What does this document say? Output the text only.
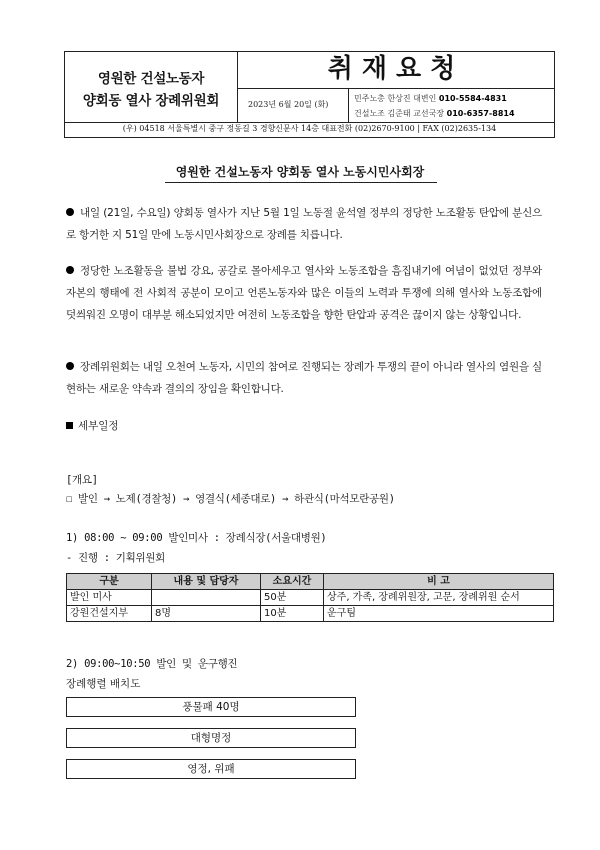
영원한 건설노동자
양회동 열사 장례위원회
취재요청
2023년 6월 20일 (화)
민주노총 한상진 대변인 010-5584-4831
건설노조 김준태 교선국장 010-6357-8814
(우) 04518 서울특별시 중구 정동길 3 경향신문사 14층 대표전화 (02)2670-9100 | FAX (02)2635-134
영원한 건설노동자 양회동 열사 노동시민사회장
내일 (21일, 수요일) 양회동 열사가 지난 5월 1일 노동절 윤석열 정부의 정당한 노조활동 탄압에 분신으로 항거한 지 51일 만에 노동시민사회장으로 장례를 치릅니다.
정당한 노조활동을 불법 강요, 공갈로 몰아세우고 열사와 노동조합을 흠집내기에 여념이 없었던 정부와 자본의 행태에 전 사회적 공분이 모이고 언론노동자와 많은 이들의 노력과 투쟁에 의해 열사와 노동조합에 덧씌워진 오명이 대부분 해소되었지만 여전히 노동조합을 향한 탄압과 공격은 끊이지 않는 상황입니다.
장례위원회는 내일 오천여 노동자, 시민의 참여로 진행되는 장례가 투쟁의 끝이 아니라 열사의 염원을 실현하는 새로운 약속과 결의의 장임을 확인합니다.
세부일정
[개요]
☐ 발인 → 노제(경찰청) → 영결식(세종대로) → 하관식(마석모란공원)
1) 08:00 ~ 09:00 발인미사 : 장례식장(서울대병원)
- 진행 : 기획위원회
구분	내용 및 담당자	소요시간	비 고
발인 미사		50분	상주, 가족, 장례위원장, 고문, 장례위원 순서
강원건설지부	8명	10분	운구팀
2) 09:00~10:50 발인 및 운구행진
장례행렬 배치도
풍물패 40명
대형명정
영정, 위패
